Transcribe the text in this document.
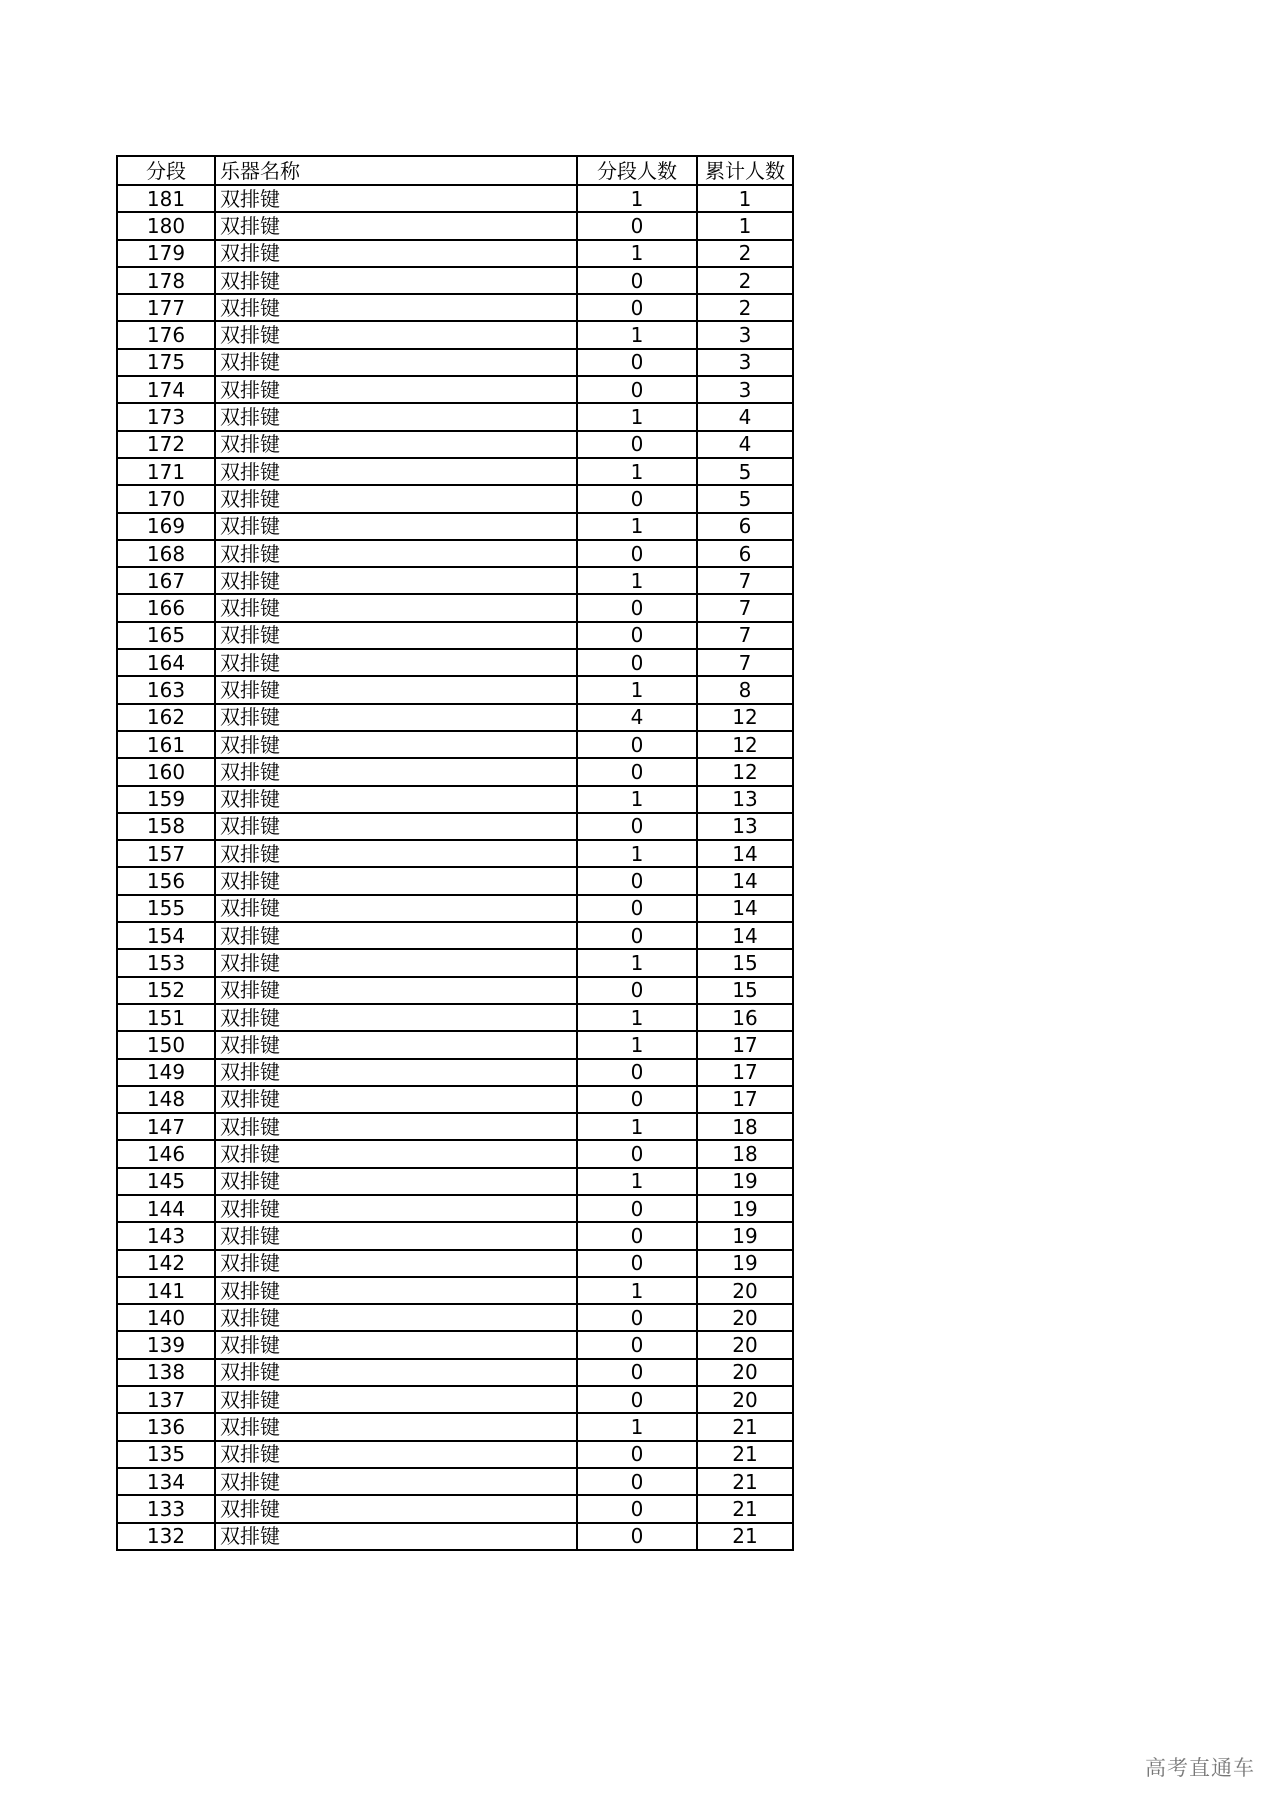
分段	乐器名称	分段人数	累计人数
181	双排键	1	1
180	双排键	0	1
179	双排键	1	2
178	双排键	0	2
177	双排键	0	2
176	双排键	1	3
175	双排键	0	3
174	双排键	0	3
173	双排键	1	4
172	双排键	0	4
171	双排键	1	5
170	双排键	0	5
169	双排键	1	6
168	双排键	0	6
167	双排键	1	7
166	双排键	0	7
165	双排键	0	7
164	双排键	0	7
163	双排键	1	8
162	双排键	4	12
161	双排键	0	12
160	双排键	0	12
159	双排键	1	13
158	双排键	0	13
157	双排键	1	14
156	双排键	0	14
155	双排键	0	14
154	双排键	0	14
153	双排键	1	15
152	双排键	0	15
151	双排键	1	16
150	双排键	1	17
149	双排键	0	17
148	双排键	0	17
147	双排键	1	18
146	双排键	0	18
145	双排键	1	19
144	双排键	0	19
143	双排键	0	19
142	双排键	0	19
141	双排键	1	20
140	双排键	0	20
139	双排键	0	20
138	双排键	0	20
137	双排键	0	20
136	双排键	1	21
135	双排键	0	21
134	双排键	0	21
133	双排键	0	21
132	双排键	0	21
高考直通车
